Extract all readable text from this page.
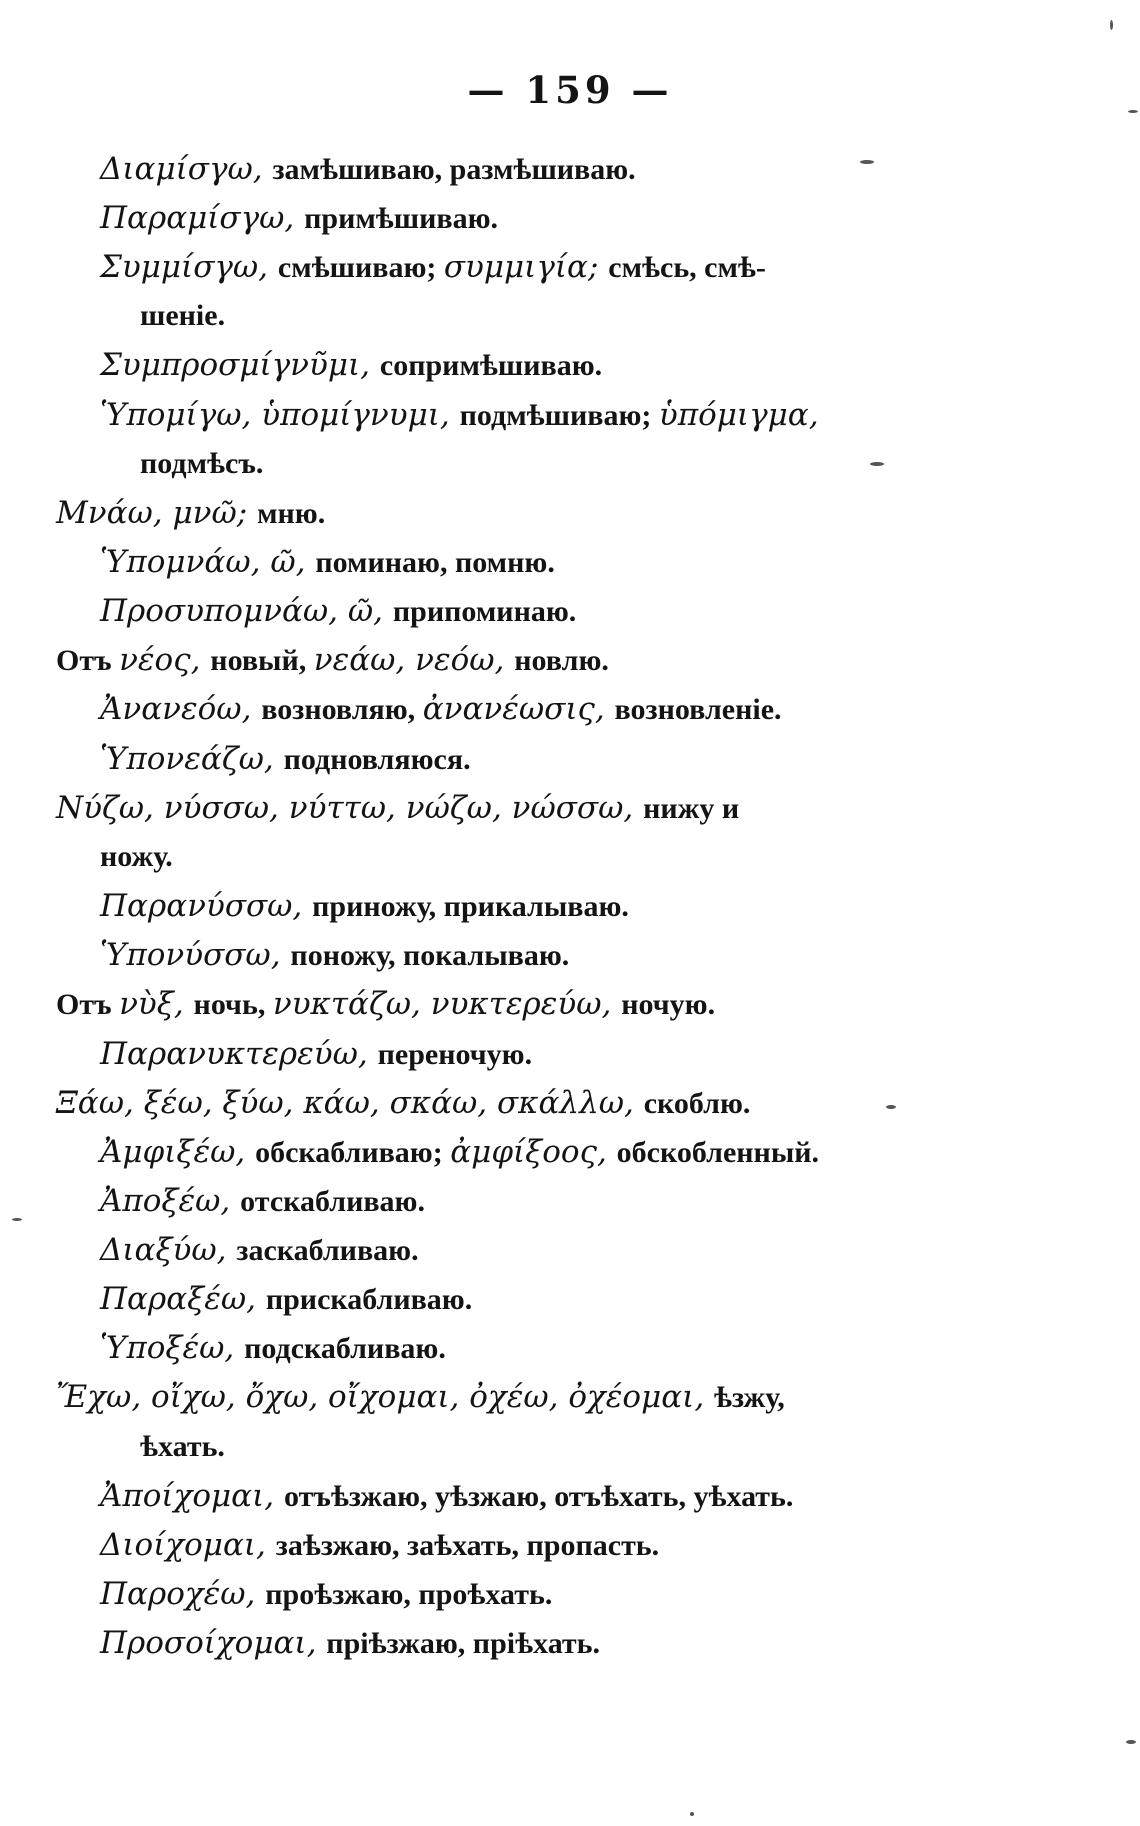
— 159 —
Διαμίσγω, замѣшиваю, размѣшиваю.
Παραμίσγω, примѣшиваю.
Συμμίσγω, смѣшиваю; συμμιγία; смѣсь, смѣ-
шеніе.
Συμπροσμίγνῦμι, сопримѣшиваю.
Ὑπομίγω, ὑπομίγνυμι, подмѣшиваю; ὑπόμιγμα,
подмѣсъ.
Μνάω, μνῶ; мню.
Ὑπομνάω, ῶ, поминаю, помню.
Προσυπομνάω, ῶ, припоминаю.
Отъ νέος, новый, νεάω, νεόω, новлю.
Ἀνανεόω, возновляю, ἀνανέωσις, возновленіе.
Ὑπονεάζω, подновляюся.
Νύζω, νύσσω, νύττω, νώζω, νώσσω, нижу и
ножу.
Παρανύσσω, приножу, прикалываю.
Ὑπονύσσω, поножу, покалываю.
Отъ νὺξ, ночь, νυκτάζω, νυκτερεύω, ночую.
Παρανυκτερεύω, переночую.
Ξάω, ξέω, ξύω, κάω, σκάω, σκάλλω, скоблю.
Ἀμφιξέω, обскабливаю; ἀμφίξοος, обскобленный.
Ἀποξέω, отскабливаю.
Διαξύω, заскабливаю.
Παραξέω, прискабливаю.
Ὑποξέω, подскабливаю.
Ἔχω, οἴχω, ὄχω, οἴχομαι, ὀχέω, ὀχέομαι, ѣзжу,
ѣхать.
Ἀποίχομαι, отъѣзжаю, уѣзжаю, отъѣхать, уѣхать.
Διοίχομαι, заѣзжаю, заѣхать, пропасть.
Παροχέω, проѣзжаю, проѣхать.
Προσοίχομαι, пріѣзжаю, пріѣхать.
